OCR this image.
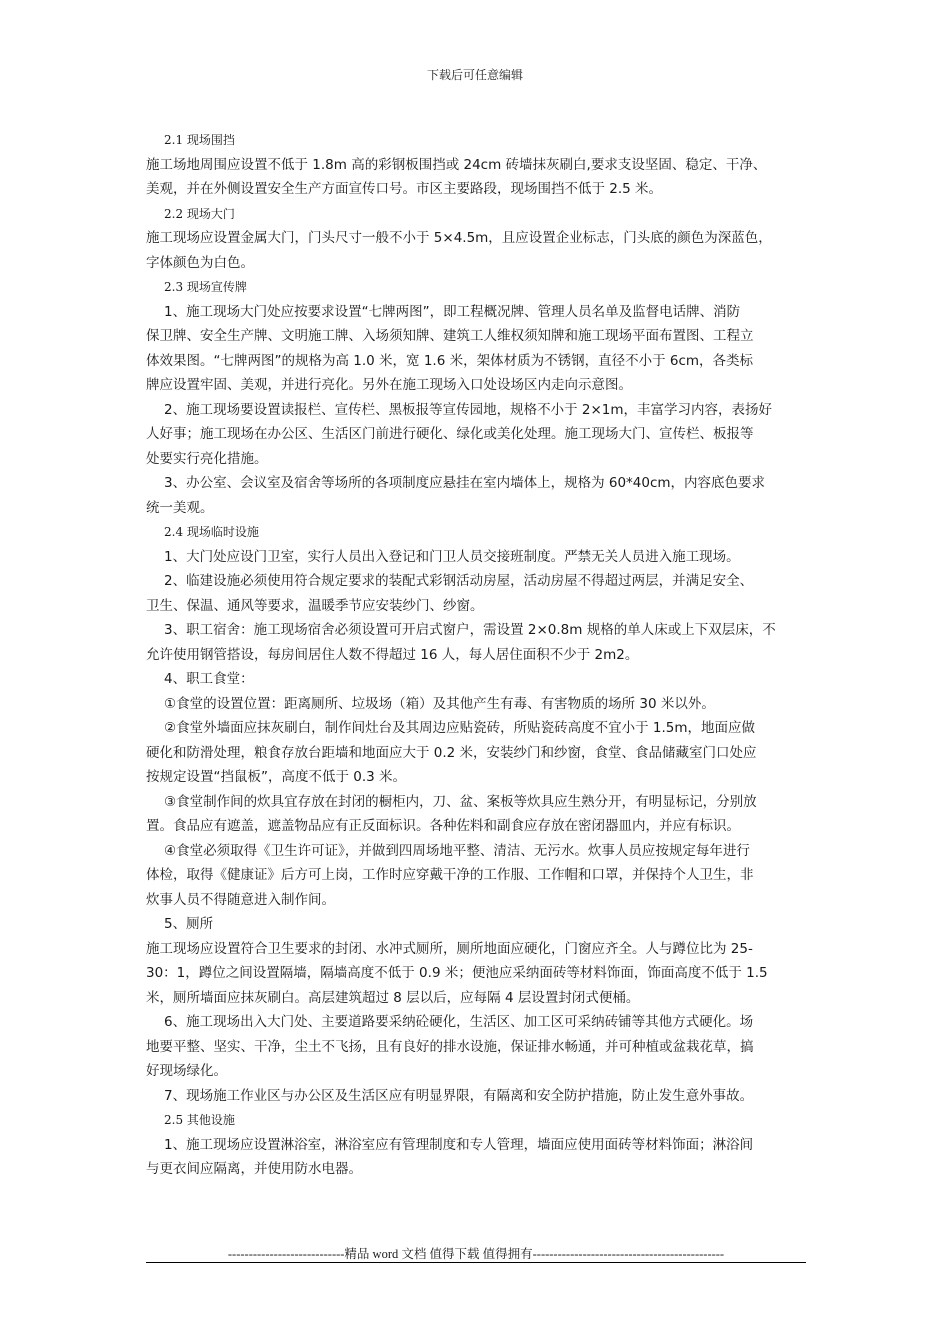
下载后可任意编辑
2.1 现场围挡
施工场地周围应设置不低于 1.8m 高的彩钢板围挡或 24cm 砖墙抹灰刷白,要求支设坚固、稳定、干净、
美观，并在外侧设置安全生产方面宣传口号。市区主要路段，现场围挡不低于 2.5 米。
2.2 现场大门
施工现场应设置金属大门，门头尺寸一般不小于 5×4.5m，且应设置企业标志，门头底的颜色为深蓝色，
字体颜色为白色。
2.3 现场宣传牌
1、施工现场大门处应按要求设置“七牌两图”，即工程概况牌、管理人员名单及监督电话牌、消防
保卫牌、安全生产牌、文明施工牌、入场须知牌、建筑工人维权须知牌和施工现场平面布置图、工程立
体效果图。“七牌两图”的规格为高 1.0 米，宽 1.6 米，架体材质为不锈钢，直径不小于 6cm，各类标
牌应设置牢固、美观，并进行亮化。另外在施工现场入口处设场区内走向示意图。
2、施工现场要设置读报栏、宣传栏、黑板报等宣传园地，规格不小于 2×1m，丰富学习内容，表扬好
人好事；施工现场在办公区、生活区门前进行硬化、绿化或美化处理。施工现场大门、宣传栏、板报等
处要实行亮化措施。
3、办公室、会议室及宿舍等场所的各项制度应悬挂在室内墙体上，规格为 60*40cm，内容底色要求
统一美观。
2.4 现场临时设施
1、大门处应设门卫室，实行人员出入登记和门卫人员交接班制度。严禁无关人员进入施工现场。
2、临建设施必须使用符合规定要求的装配式彩钢活动房屋，活动房屋不得超过两层，并满足安全、
卫生、保温、通风等要求，温暖季节应安装纱门、纱窗。
3、职工宿舍：施工现场宿舍必须设置可开启式窗户，需设置 2×0.8m 规格的单人床或上下双层床，不
允许使用钢管搭设，每房间居住人数不得超过 16 人，每人居住面积不少于 2m2。
4、职工食堂：
①食堂的设置位置：距离厕所、垃圾场（箱）及其他产生有毒、有害物质的场所 30 米以外。
②食堂外墙面应抹灰刷白，制作间灶台及其周边应贴瓷砖，所贴瓷砖高度不宜小于 1.5m，地面应做
硬化和防滑处理，粮食存放台距墙和地面应大于 0.2 米，安装纱门和纱窗，食堂、食品储藏室门口处应
按规定设置“挡鼠板”，高度不低于 0.3 米。
③食堂制作间的炊具宜存放在封闭的橱柜内，刀、盆、案板等炊具应生熟分开，有明显标记，分别放
置。食品应有遮盖，遮盖物品应有正反面标识。各种佐料和副食应存放在密闭器皿内，并应有标识。
④食堂必须取得《卫生许可证》，并做到四周场地平整、清洁、无污水。炊事人员应按规定每年进行
体检，取得《健康证》后方可上岗，工作时应穿戴干净的工作服、工作帽和口罩，并保持个人卫生，非
炊事人员不得随意进入制作间。
5、厕所
施工现场应设置符合卫生要求的封闭、水冲式厕所，厕所地面应硬化，门窗应齐全。人与蹲位比为 25-
30：1，蹲位之间设置隔墙，隔墙高度不低于 0.9 米；便池应采纳面砖等材料饰面，饰面高度不低于 1.5
米，厕所墙面应抹灰刷白。高层建筑超过 8 层以后，应每隔 4 层设置封闭式便桶。
6、施工现场出入大门处、主要道路要采纳砼硬化，生活区、加工区可采纳砖铺等其他方式硬化。场
地要平整、坚实、干净，尘土不飞扬，且有良好的排水设施，保证排水畅通，并可种植或盆栽花草，搞
好现场绿化。
7、现场施工作业区与办公区及生活区应有明显界限，有隔离和安全防护措施，防止发生意外事故。
2.5 其他设施
1、施工现场应设置淋浴室，淋浴室应有管理制度和专人管理，墙面应使用面砖等材料饰面；淋浴间
与更衣间应隔离，并使用防水电器。
----------------------------精品 word 文档 值得下载 值得拥有----------------------------------------------
